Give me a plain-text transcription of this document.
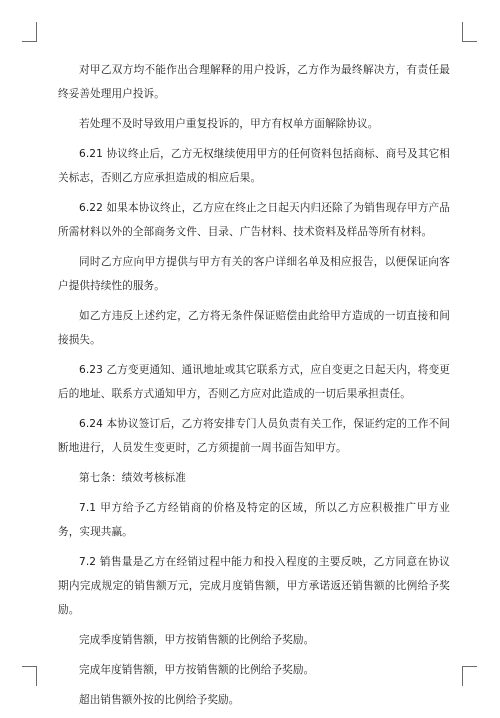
对甲乙双方均不能作出合理解释的用户投诉，乙方作为最终解决方，有责任最终妥善处理用户投诉。

若处理不及时导致用户重复投诉的，甲方有权单方面解除协议。

6.21 协议终止后，乙方无权继续使用甲方的任何资料包括商标、商号及其它相关标志，否则乙方应承担造成的相应后果。

6.22 如果本协议终止，乙方应在终止之日起天内归还除了为销售现存甲方产品所需材料以外的全部商务文件、目录、广告材料、技术资料及样品等所有材料。

同时乙方应向甲方提供与甲方有关的客户详细名单及相应报告，以便保证向客户提供持续性的服务。

如乙方违反上述约定，乙方将无条件保证赔偿由此给甲方造成的一切直接和间接损失。

6.23 乙方变更通知、通讯地址或其它联系方式，应自变更之日起天内，将变更后的地址、联系方式通知甲方，否则乙方应对此造成的一切后果承担责任。

6.24 本协议签订后，乙方将安排专门人员负责有关工作，保证约定的工作不间断地进行，人员发生变更时，乙方须提前一周书面告知甲方。

第七条：绩效考核标准

7.1 甲方给予乙方经销商的价格及特定的区域，所以乙方应积极推广甲方业务，实现共赢。

7.2 销售量是乙方在经销过程中能力和投入程度的主要反映，乙方同意在协议期内完成规定的销售额万元，完成月度销售额，甲方承诺返还销售额的比例给予奖励。

完成季度销售额，甲方按销售额的比例给予奖励。

完成年度销售额，甲方按销售额的比例给予奖励。

超出销售额外按的比例给予奖励。
